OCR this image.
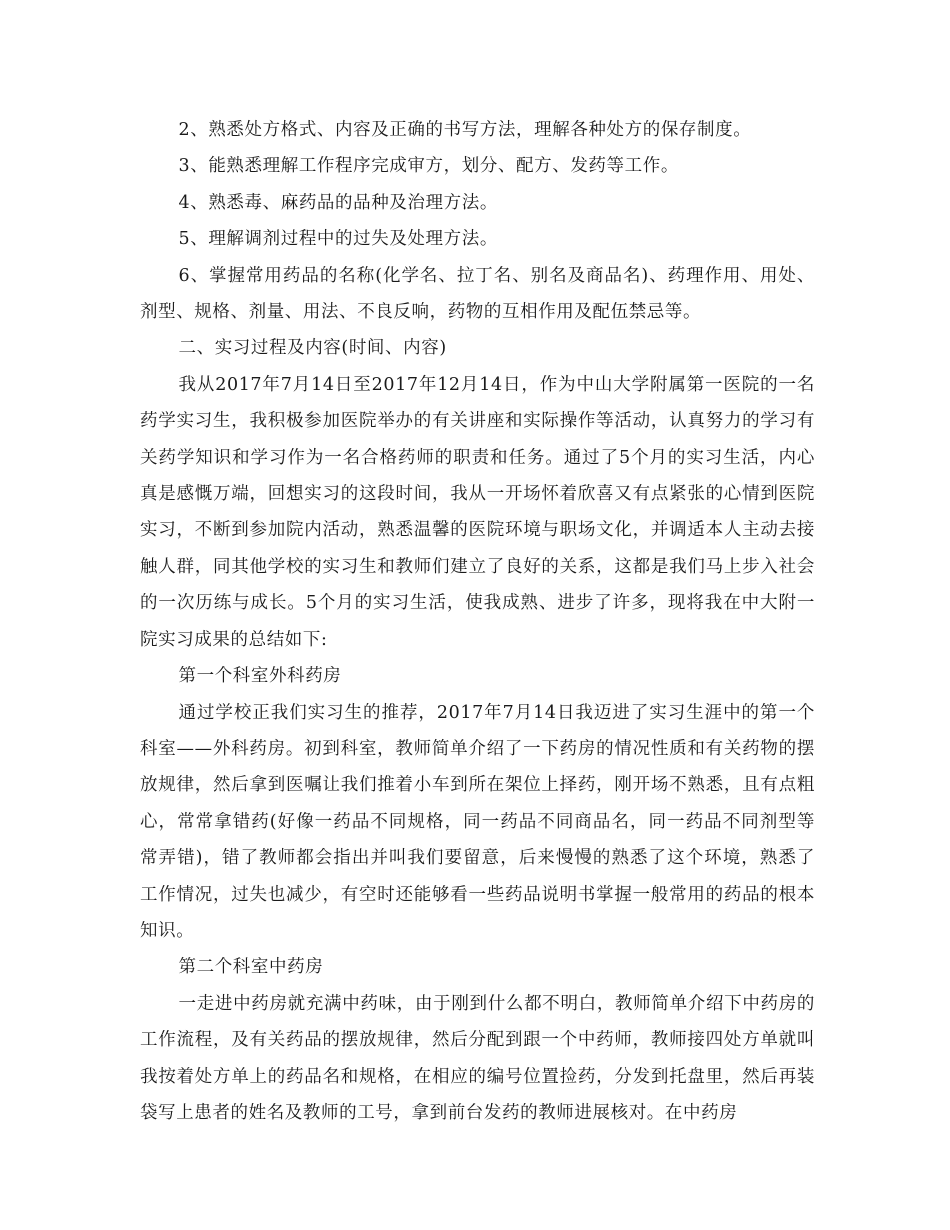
2、熟悉处方格式、内容及正确的书写方法，理解各种处方的保存制度。

3、能熟悉理解工作程序完成审方，划分、配方、发药等工作。

4、熟悉毒、麻药品的品种及治理方法。

5、理解调剂过程中的过失及处理方法。

6、掌握常用药品的名称(化学名、拉丁名、别名及商品名)、药理作用、用处、剂型、规格、剂量、用法、不良反响，药物的互相作用及配伍禁忌等。

二、实习过程及内容(时间、内容)

我从2017年7月14日至2017年12月14日，作为中山大学附属第一医院的一名药学实习生，我积极参加医院举办的有关讲座和实际操作等活动，认真努力的学习有关药学知识和学习作为一名合格药师的职责和任务。通过了5个月的实习生活，内心真是感慨万端，回想实习的这段时间，我从一开场怀着欣喜又有点紧张的心情到医院实习，不断到参加院内活动，熟悉温馨的医院环境与职场文化，并调适本人主动去接触人群，同其他学校的实习生和教师们建立了良好的关系，这都是我们马上步入社会的一次历练与成长。5个月的实习生活，使我成熟、进步了许多，现将我在中大附一院实习成果的总结如下:

第一个科室外科药房

通过学校正我们实习生的推荐，2017年7月14日我迈进了实习生涯中的第一个科室——外科药房。初到科室，教师简单介绍了一下药房的情况性质和有关药物的摆放规律，然后拿到医嘱让我们推着小车到所在架位上择药，刚开场不熟悉，且有点粗心，常常拿错药(好像一药品不同规格，同一药品不同商品名，同一药品不同剂型等常弄错)，错了教师都会指出并叫我们要留意，后来慢慢的熟悉了这个环境，熟悉了工作情况，过失也减少，有空时还能够看一些药品说明书掌握一般常用的药品的根本知识。

第二个科室中药房

一走进中药房就充满中药味，由于刚到什么都不明白，教师简单介绍下中药房的工作流程，及有关药品的摆放规律，然后分配到跟一个中药师，教师接四处方单就叫我按着处方单上的药品名和规格，在相应的编号位置捡药，分发到托盘里，然后再装袋写上患者的姓名及教师的工号，拿到前台发药的教师进展核对。在中药房
